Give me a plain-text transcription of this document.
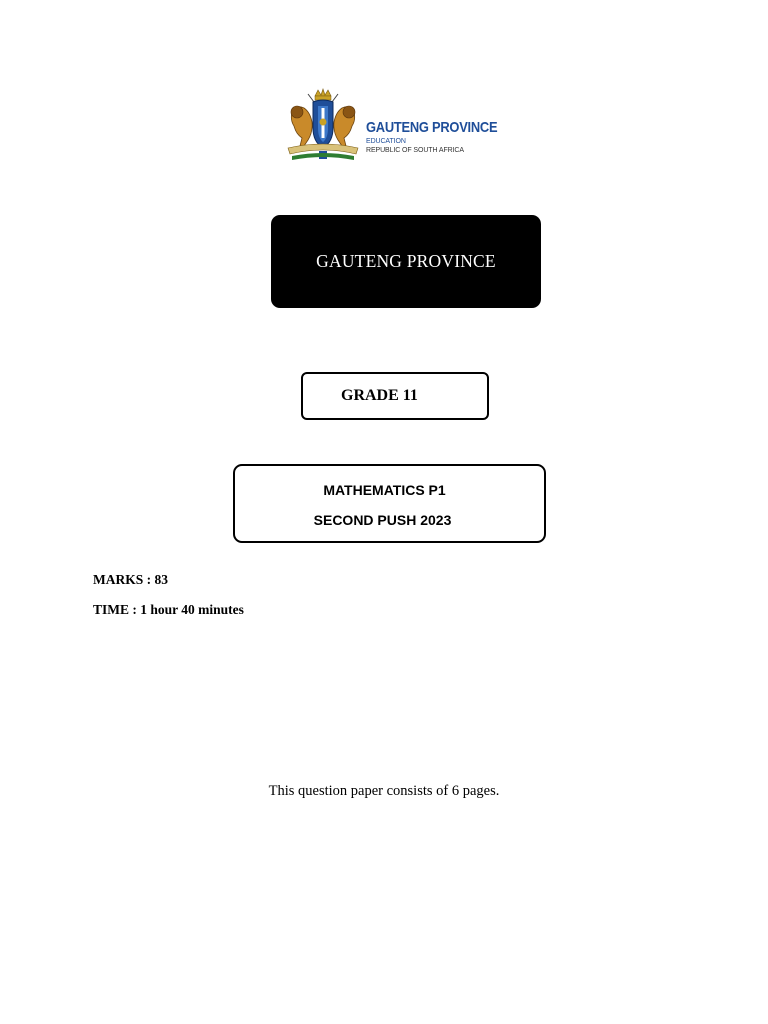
GAUTENG PROVINCE
EDUCATION
REPUBLIC OF SOUTH AFRICA
GAUTENG PROVINCE
GRADE 11
MATHEMATICS P1
SECOND PUSH 2023
MARKS : 83
TIME : 1 hour 40 minutes
This question paper consists of 6 pages.
